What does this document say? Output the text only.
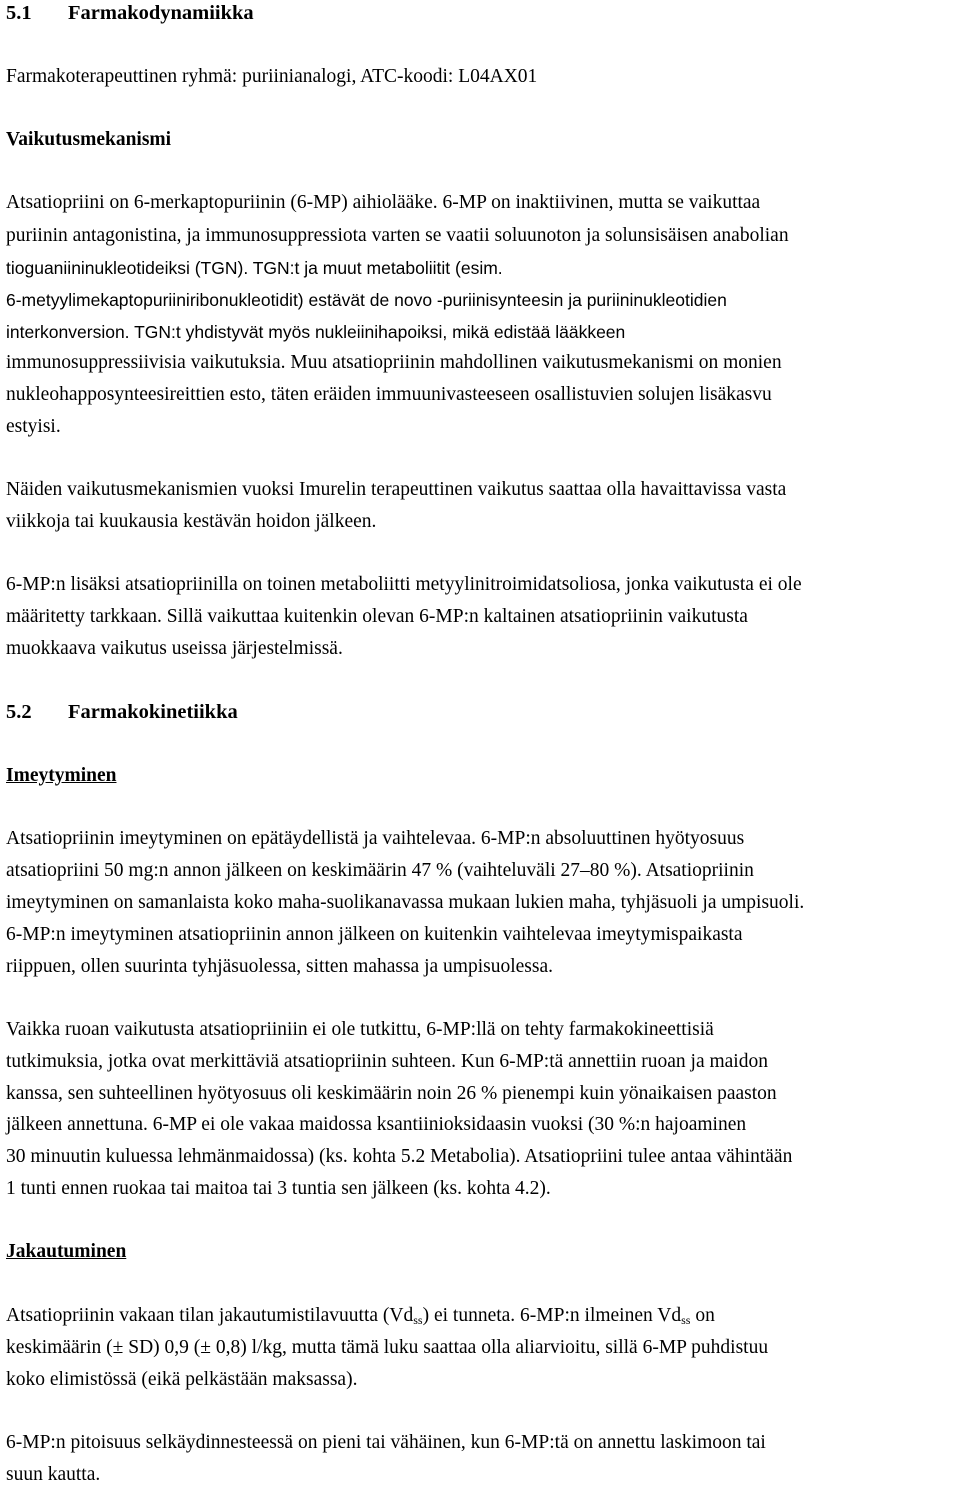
5.1 Farmakodynamiikka
Farmakoterapeuttinen ryhmä: puriinianalogi, ATC-koodi: L04AX01
Vaikutusmekanismi
Atsatiopriini on 6-merkaptopuriinin (6-MP) aihiolääke. 6-MP on inaktiivinen, mutta se vaikuttaa
puriinin antagonistina, ja immunosuppressiota varten se vaatii soluunoton ja solunsisäisen anabolian
tioguaniininukleotideiksi (TGN). TGN:t ja muut metaboliitit (esim.
6-metyylimekaptopuriiniribonukleotidit) estävät de novo -puriinisynteesin ja puriininukleotidien
interkonversion. TGN:t yhdistyvät myös nukleiinihapoiksi, mikä edistää lääkkeen
immunosuppressiivisia vaikutuksia. Muu atsatiopriinin mahdollinen vaikutusmekanismi on monien
nukleohapposynteesireittien esto, täten eräiden immuunivasteeseen osallistuvien solujen lisäkasvu
estyisi.
Näiden vaikutusmekanismien vuoksi Imurelin terapeuttinen vaikutus saattaa olla havaittavissa vasta
viikkoja tai kuukausia kestävän hoidon jälkeen.
6-MP:n lisäksi atsatiopriinilla on toinen metaboliitti metyylinitroimidatsoliosa, jonka vaikutusta ei ole
määritetty tarkkaan. Sillä vaikuttaa kuitenkin olevan 6-MP:n kaltainen atsatiopriinin vaikutusta
muokkaava vaikutus useissa järjestelmissä.
5.2 Farmakokinetiikka
Imeytyminen
Atsatiopriinin imeytyminen on epätäydellistä ja vaihtelevaa. 6-MP:n absoluuttinen hyötyosuus
atsatiopriini 50 mg:n annon jälkeen on keskimäärin 47 % (vaihteluväli 27–80 %). Atsatiopriinin
imeytyminen on samanlaista koko maha-suolikanavassa mukaan lukien maha, tyhjäsuoli ja umpisuoli.
6-MP:n imeytyminen atsatiopriinin annon jälkeen on kuitenkin vaihtelevaa imeytymispaikasta
riippuen, ollen suurinta tyhjäsuolessa, sitten mahassa ja umpisuolessa.
Vaikka ruoan vaikutusta atsatiopriiniin ei ole tutkittu, 6-MP:llä on tehty farmakokineettisiä
tutkimuksia, jotka ovat merkittäviä atsatiopriinin suhteen. Kun 6-MP:tä annettiin ruoan ja maidon
kanssa, sen suhteellinen hyötyosuus oli keskimäärin noin 26 % pienempi kuin yönaikaisen paaston
jälkeen annettuna. 6-MP ei ole vakaa maidossa ksantiinioksidaasin vuoksi (30 %:n hajoaminen
30 minuutin kuluessa lehmänmaidossa) (ks. kohta 5.2 Metabolia). Atsatiopriini tulee antaa vähintään
1 tunti ennen ruokaa tai maitoa tai 3 tuntia sen jälkeen (ks. kohta 4.2).
Jakautuminen
Atsatiopriinin vakaan tilan jakautumistilavuutta $(Vd_{ss})$ ei tunneta. 6-MP:n ilmeinen $Vd_{ss}$ on
keskimäärin (± SD) 0,9 (± 0,8) l/kg, mutta tämä luku saattaa olla aliarvioitu, sillä 6-MP puhdistuu
koko elimistössä (eikä pelkästään maksassa).
6-MP:n pitoisuus selkäydinnesteessä on pieni tai vähäinen, kun 6-MP:tä on annettu laskimoon tai
suun kautta.
